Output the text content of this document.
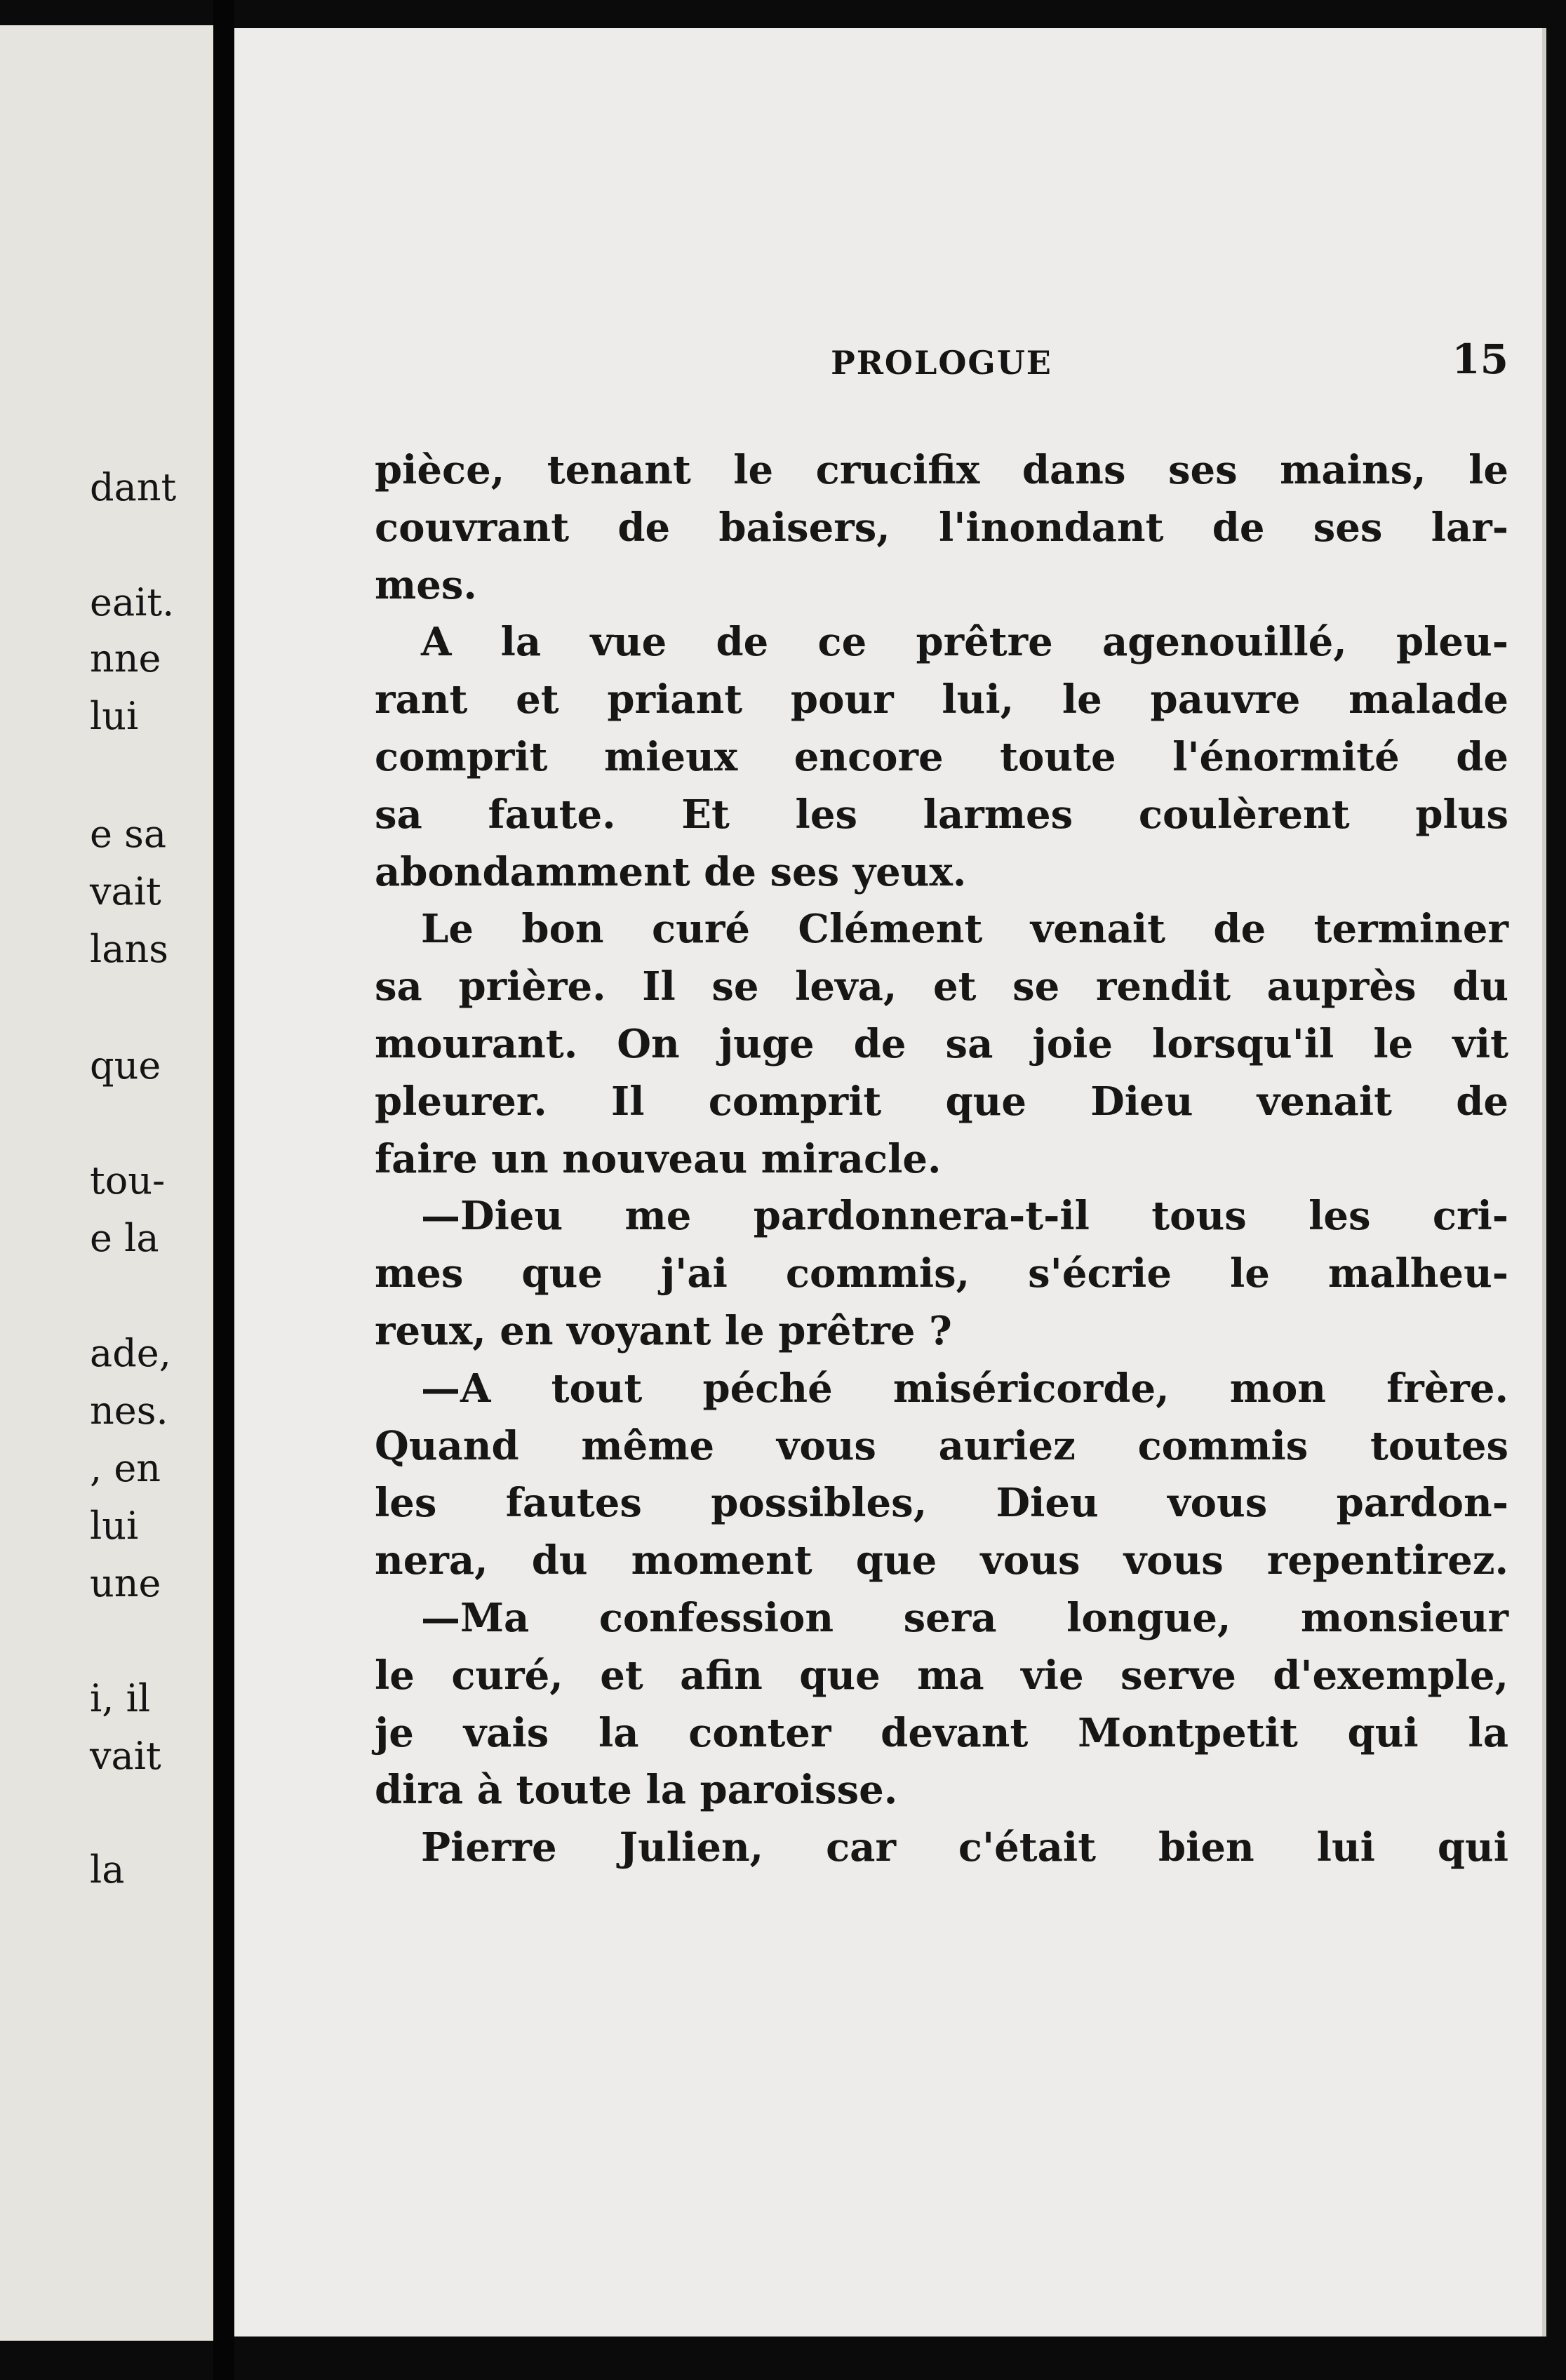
dant

eait.

nne

lui

e sa

vait

lans

que

tou-

e la

ade,

nes.

, en

lui

une

i, il

vait

la

PROLOGUE	15

pièce, tenant le crucifix dans ses mains, le

couvrant de baisers, l'inondant de ses lar-

mes.

A la vue de ce prêtre agenouillé, pleu-

rant et priant pour lui, le pauvre malade

comprit mieux encore toute l'énormité de

sa faute. Et les larmes coulèrent plus

abondamment de ses yeux.

Le bon curé Clément venait de terminer

sa prière. Il se leva, et se rendit auprès du

mourant. On juge de sa joie lorsqu'il le vit

pleurer. Il comprit que Dieu venait de

faire un nouveau miracle.

—Dieu me pardonnera-t-il tous les cri-

mes que j'ai commis, s'écrie le malheu-

reux, en voyant le prêtre ?

—A tout péché miséricorde, mon frère.

Quand même vous auriez commis toutes

les fautes possibles, Dieu vous pardon-

nera, du moment que vous vous repentirez.

—Ma confession sera longue, monsieur

le curé, et afin que ma vie serve d'exemple,

je vais la conter devant Montpetit qui la

dira à toute la paroisse.

Pierre Julien, car c'était bien lui qui
